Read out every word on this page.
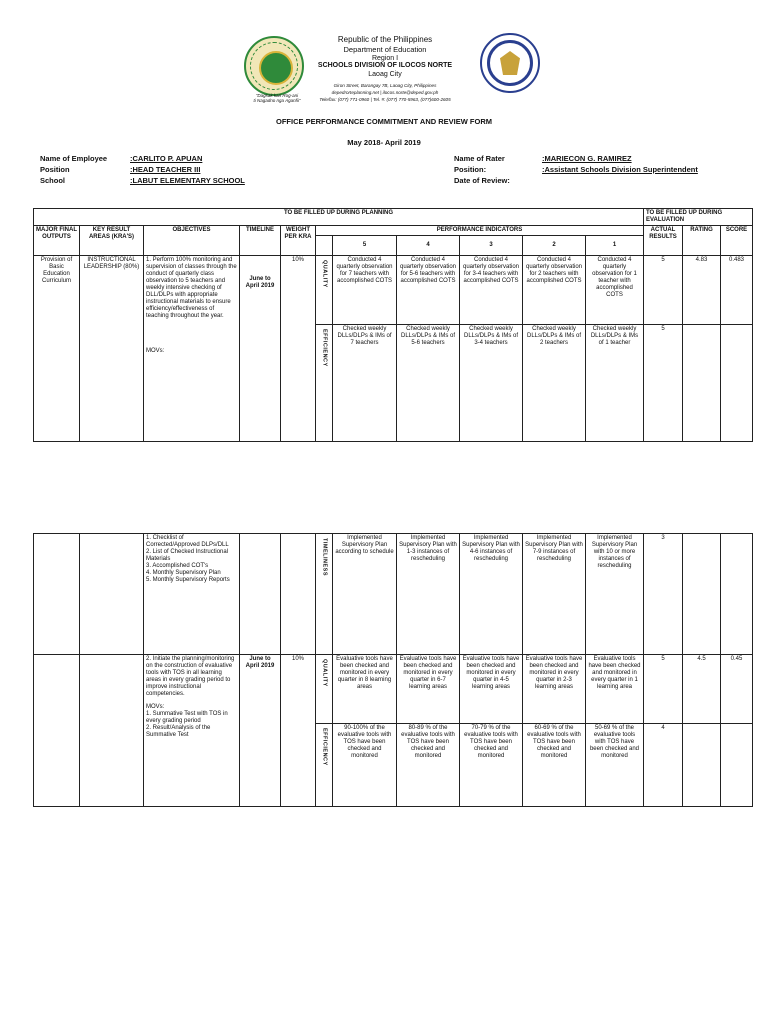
"Dagsak kan Rog-ani
ti Nagadno nga Aganfii"
Republic of the Philippines
Department of Education
Region I
SCHOOLS DIVISION OF ILOCOS NORTE
Laoag City
Giron Street, Barangay 7B, Laoag City, Philippines
depedrorteplanning.net | ilocos.norte@deped.gov.ph
Tele/fax: (077) 771-0960 | Tel. #: (077) 770-5963, (077)600-2605
OFFICE PERFORMANCE COMMITMENT AND REVIEW FORM
May 2018- April 2019
Name of Employee	:CARLITO P. APUAN
Position	:HEAD TEACHER III
School	:LABUT ELEMENTARY SCHOOL
Name of Rater	:MARIECON G. RAMIREZ
Position:	:Assistant Schools Division Superintendent
Date of Review:
TO BE FILLED UP DURING PLANNING											TO BE FILLED UP DURING EVALUATION		
MAJOR FINAL OUTPUTS	KEY RESULT AREAS (KRA'S)	OBJECTIVES	TIMELINE	WEIGHT PER KRA	PERFORMANCE INDICATORS						ACTUAL RESULTS	RATING	SCORE
						5	4	3	2	1			
Provision of Basic Education Curriculum	INSTRUCTIONAL LEADERSHIP (80%)	1. Perform 100% monitoring and supervision of classes through the conduct of quarterly class observation to 5 teachers and weekly intensive checking of DLL/DLPs with appropriate instructional materials to ensure efficiency/effectiveness of teaching throughout the year.
MOVs:	June to April 2019	10%	QUALITY	Conducted 4 quarterly observation for 7 teachers with accomplished COTS	Conducted 4 quarterly observation for 5-6 teachers with accomplished COTS	Conducted 4 quarterly observation for 3-4 teachers with accomplished COTS	Conducted 4 quarterly observation for 2 teachers with accomplished COTS	Conducted 4 quarterly observation for 1 teacher with accomplished COTS	5	4.83	0.483

					EFFICIENCY	Checked weekly DLLs/DLPs & IMs of 7 teachers	Checked weekly DLLs/DLPs & IMs of 5-6 teachers	Checked weekly DLLs/DLPs & IMs of 3-4 teachers	Checked weekly DLLs/DLPs & IMs of 2 teachers	Checked weekly DLLs/DLPs & IMs of 1 teacher	5		

		1. Checklist of Corrected/Approved DLPs/DLL
2. List of Checked Instructional Materials
3. Accomplished COT's
4. Monthly Supervisory Plan
5. Monthly Supervisory Reports			TIMELINESS	Implemented Supervisory Plan according to schedule	Implemented Supervisory Plan with 1-3 instances of rescheduling	Implemented Supervisory Plan with 4-6 instances of rescheduling	Implemented Supervisory Plan with 7-9 instances of rescheduling	Implemented Supervisory Plan with 10 or more instances of rescheduling	3		

		2. Initiate the planning/monitoring on the construction of evaluative tools with TOS in all learning areas in every grading period to improve instructional competencies.
MOVs:
1. Summative Test with TOS in every grading period
2. Result/Analysis of the Summative Test	June to April 2019	10%	QUALITY	Evaluative tools have been checked and monitored in every quarter in 8 learning areas	Evaluative tools have been checked and monitored in every quarter in 6-7 learning areas	Evaluative tools have been checked and monitored in every quarter in 4-5 learning areas	Evaluative tools have been checked and monitored in every quarter in 2-3 learning areas	Evaluative tools have been checked and monitored in every quarter in 1 learning area	5	4.5	0.45

					EFFICIENCY	90-100% of the evaluative tools with TOS have been checked and monitored	80-89 % of the evaluative tools with TOS have been checked and monitored	70-79 % of the evaluative tools with TOS have been checked and monitored	60-69 % of the evaluative tools with TOS have been checked and monitored	50-69 % of the evaluative tools with TOS have been checked and monitored	4		
